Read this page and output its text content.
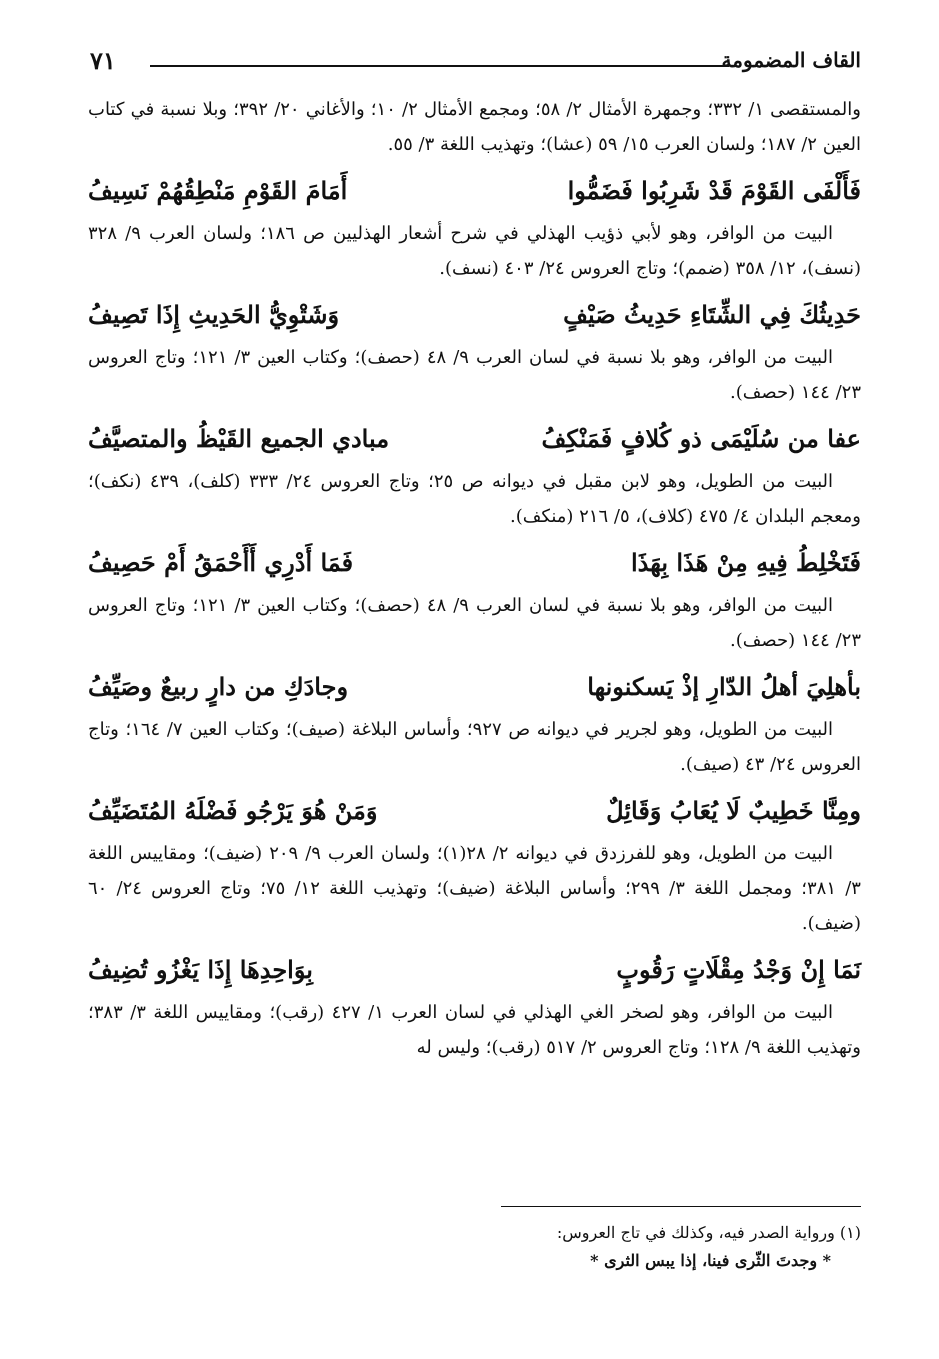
القاف المضمومة
٧١

والمستقصى ١/ ٣٣٢؛ وجمهرة الأمثال ٢/ ٥٨؛ ومجمع الأمثال ٢/ ١٠؛ والأغاني ٢٠/ ٣٩٢؛ وبلا نسبة في كتاب العين ٢/ ١٨٧؛ ولسان العرب ١٥/ ٥٩ (عشا)؛ وتهذيب اللغة ٣/ ٥٥.

فَأَلْفَى القَوْمَ قَدْ شَرِبُوا فَضَمُّوا
أَمَامَ القَوْمِ مَنْطِقُهُمْ نَسِيفُ

البيت من الوافر، وهو لأبي ذؤيب الهذلي في شرح أشعار الهذليين ص ١٨٦؛ ولسان العرب ٩/ ٣٢٨ (نسف)، ١٢/ ٣٥٨ (ضمم)؛ وتاج العروس ٢٤/ ٤٠٣ (نسف).

حَدِيثُكَ فِي الشِّتَاءِ حَدِيثُ صَيْفٍ
وَشَتْوِيُّ الحَدِيثِ إِذَا تَصِيفُ

البيت من الوافر، وهو بلا نسبة في لسان العرب ٩/ ٤٨ (حصف)؛ وكتاب العين ٣/ ١٢١؛ وتاج العروس ٢٣/ ١٤٤ (حصف).

عفا من سُلَيْمَى ذو كُلافٍ فَمَنْكِفُ
مبادي الجميع القَيْظُ والمتصيَّفُ

البيت من الطويل، وهو لابن مقبل في ديوانه ص ٢٥؛ وتاج العروس ٢٤/ ٣٣٣ (كلف)، ٤٣٩ (نكف)؛ ومعجم البلدان ٤/ ٤٧٥ (كلاف)، ٥/ ٢١٦ (منكف).

فَتَخْلِطُ فِيهِ مِنْ هَذَا بِهَذَا
فَمَا أَدْرِي أَأَحْمَقُ أَمْ حَصِيفُ

البيت من الوافر، وهو بلا نسبة في لسان العرب ٩/ ٤٨ (حصف)؛ وكتاب العين ٣/ ١٢١؛ وتاج العروس ٢٣/ ١٤٤ (حصف).

بأهلِيَ أهلُ الدّارِ إذْ يَسكنونها
وجادَكِ من دارٍ ربيعٌ وصَيِّفُ

البيت من الطويل، وهو لجرير في ديوانه ص ٩٢٧؛ وأساس البلاغة (صيف)؛ وكتاب العين ٧/ ١٦٤؛ وتاج العروس ٢٤/ ٤٣ (صيف).

ومِنَّا خَطِيبٌ لَا يُعَابُ وَقَائِلٌ
وَمَنْ هُوَ يَرْجُو فَضْلَهُ المُتَضَيِّفُ

البيت من الطويل، وهو للفرزدق في ديوانه ٢/ ٢٨(١)؛ ولسان العرب ٩/ ٢٠٩ (ضيف)؛ ومقاييس اللغة ٣/ ٣٨١؛ ومجمل اللغة ٣/ ٢٩٩؛ وأساس البلاغة (ضيف)؛ وتهذيب اللغة ١٢/ ٧٥؛ وتاج العروس ٢٤/ ٦٠ (ضيف).

نَمَا إِنْ وَجْدُ مِقْلَاتٍ رَقُوبٍ
بِوَاحِدِهَا إِذَا يَغْزُو تُضِيفُ

البيت من الوافر، وهو لصخر الغي الهذلي في لسان العرب ١/ ٤٢٧ (رقب)؛ ومقاييس اللغة ٣/ ٣٨٣؛ وتهذيب اللغة ٩/ ١٢٨؛ وتاج العروس ٢/ ٥١٧ (رقب)؛ وليس له

(١) ورواية الصدر فيه، وكذلك في تاج العروس:

* وجدتَ الثّرى فينا، إذا يبس الثرى *
